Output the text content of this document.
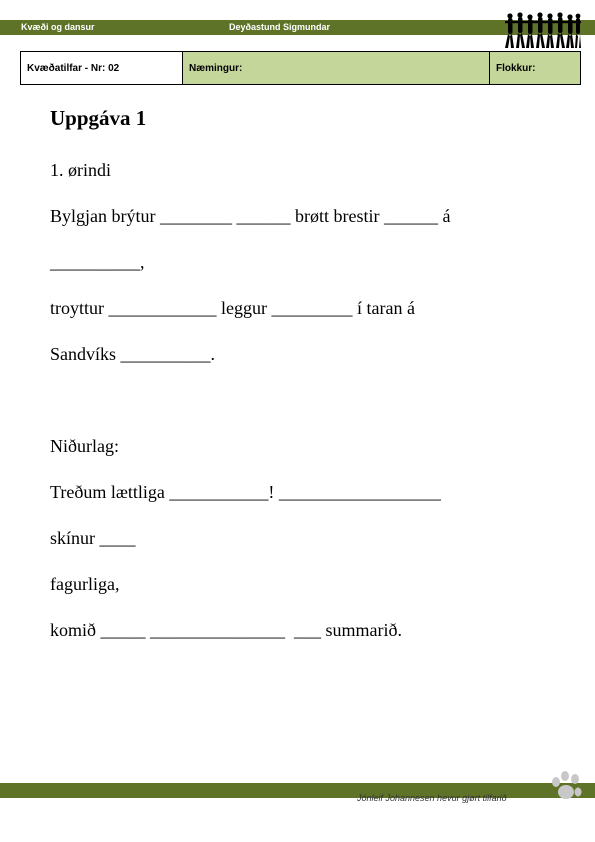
Kvæði og dansur	Deyðastund Sigmundar
Kvæðatilfar - Nr: 02	Næmingur:	Flokkur:
Uppgáva 1
1. ørindi
Bylgjan brýtur ________ ______ brøtt brestir ______ á
__________,
troyttur ____________ leggur _________ í taran á
Sandvíks __________.
Niðurlag:
Treðum lættliga ___________! __________________
skínur ____
fagurliga,
komið _____ _______________  ___ summarið.
Jónleif Johannesen hevur gjørt tilfarið
